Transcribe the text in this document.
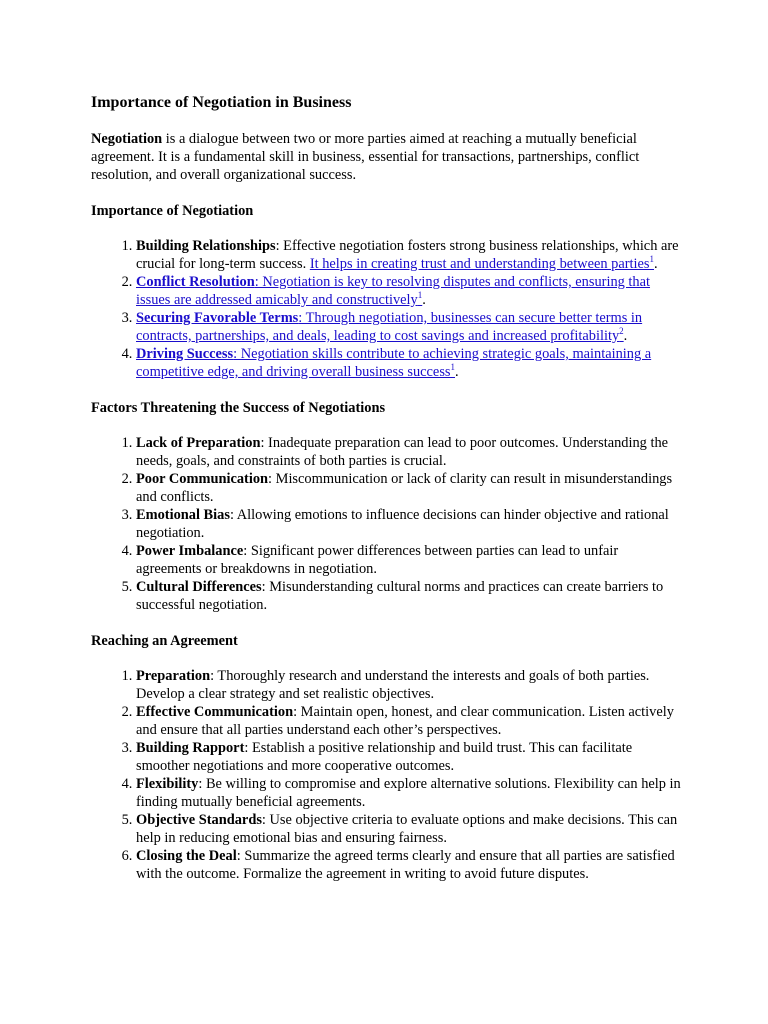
Importance of Negotiation in Business

Negotiation is a dialogue between two or more parties aimed at reaching a mutually beneficial agreement. It is a fundamental skill in business, essential for transactions, partnerships, conflict resolution, and overall organizational success.

Importance of Negotiation
1. Building Relationships: Effective negotiation fosters strong business relationships, which are crucial for long-term success. It helps in creating trust and understanding between parties$^1$.
2. Conflict Resolution: Negotiation is key to resolving disputes and conflicts, ensuring that issues are addressed amicably and constructively$^1$.
3. Securing Favorable Terms: Through negotiation, businesses can secure better terms in contracts, partnerships, and deals, leading to cost savings and increased profitability$^2$.
4. Driving Success: Negotiation skills contribute to achieving strategic goals, maintaining a competitive edge, and driving overall business success$^1$.
Factors Threatening the Success of Negotiations
1. Lack of Preparation: Inadequate preparation can lead to poor outcomes. Understanding the needs, goals, and constraints of both parties is crucial.
2. Poor Communication: Miscommunication or lack of clarity can result in misunderstandings and conflicts.
3. Emotional Bias: Allowing emotions to influence decisions can hinder objective and rational negotiation.
4. Power Imbalance: Significant power differences between parties can lead to unfair agreements or breakdowns in negotiation.
5. Cultural Differences: Misunderstanding cultural norms and practices can create barriers to successful negotiation.
Reaching an Agreement
1. Preparation: Thoroughly research and understand the interests and goals of both parties. Develop a clear strategy and set realistic objectives.
2. Effective Communication: Maintain open, honest, and clear communication. Listen actively and ensure that all parties understand each other’s perspectives.
3. Building Rapport: Establish a positive relationship and build trust. This can facilitate smoother negotiations and more cooperative outcomes.
4. Flexibility: Be willing to compromise and explore alternative solutions. Flexibility can help in finding mutually beneficial agreements.
5. Objective Standards: Use objective criteria to evaluate options and make decisions. This can help in reducing emotional bias and ensuring fairness.
6. Closing the Deal: Summarize the agreed terms clearly and ensure that all parties are satisfied with the outcome. Formalize the agreement in writing to avoid future disputes.
